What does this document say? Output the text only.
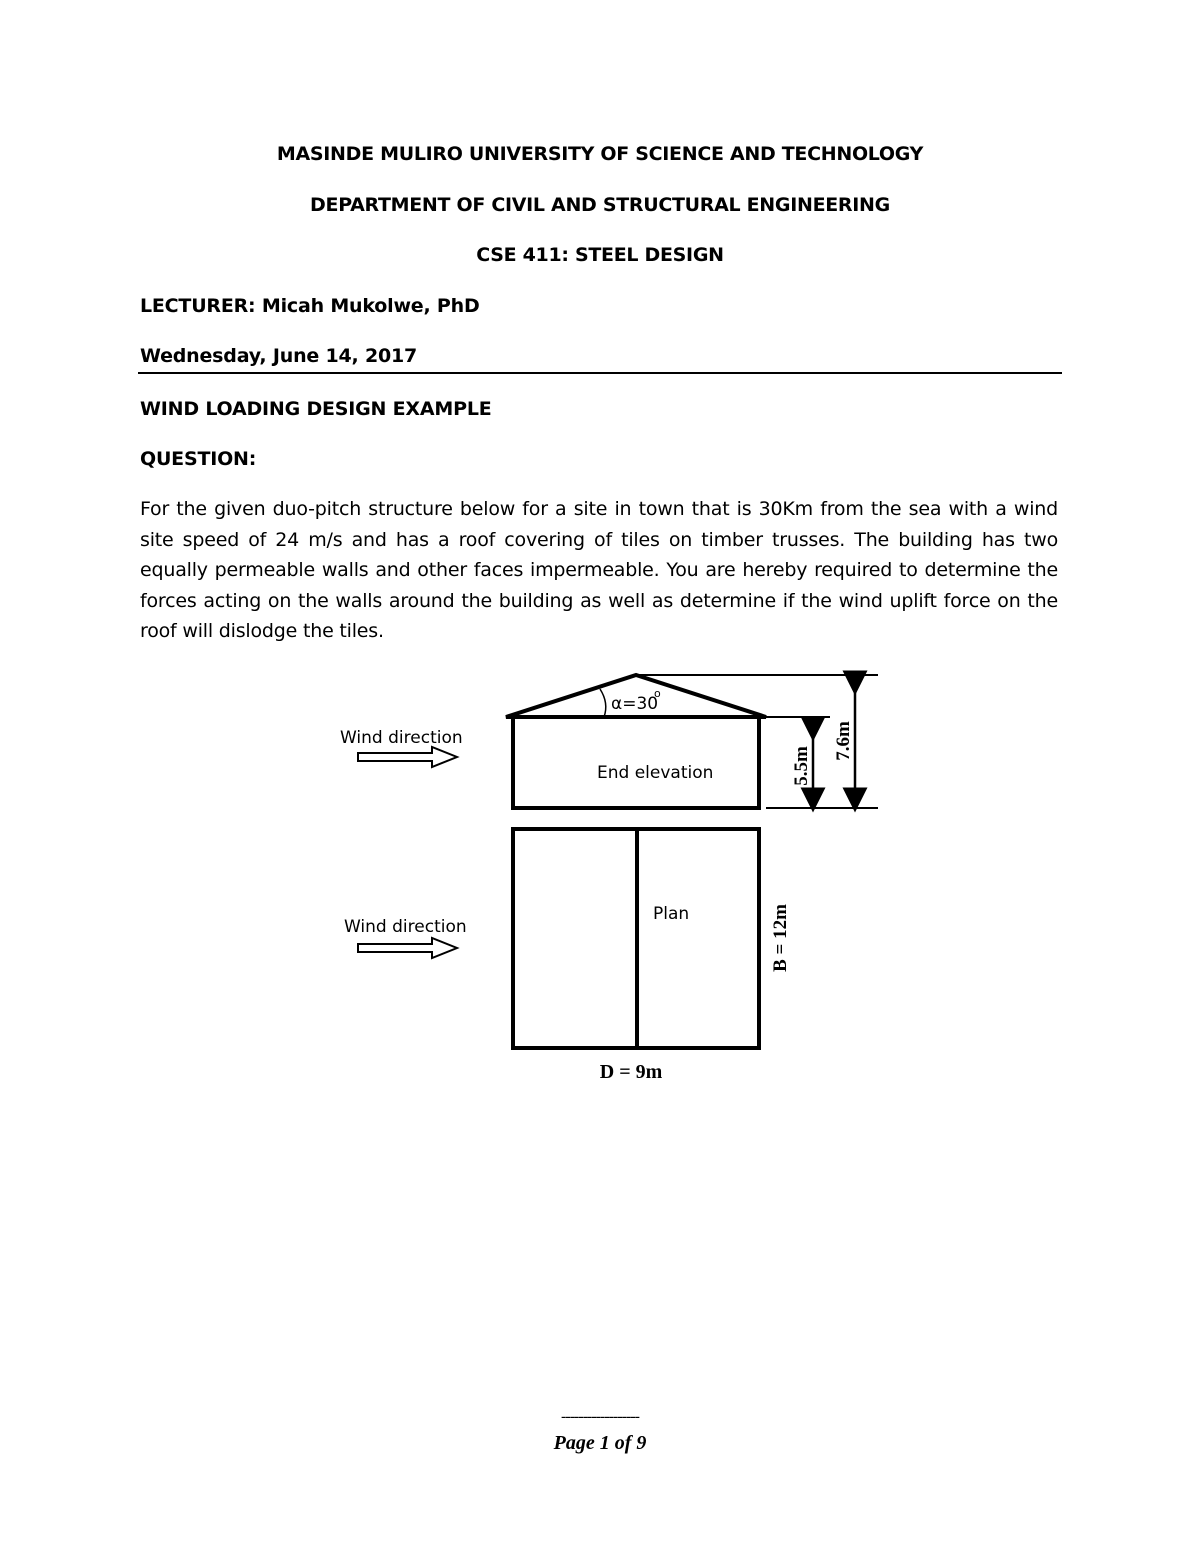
MASINDE MULIRO UNIVERSITY OF SCIENCE AND TECHNOLOGY
DEPARTMENT OF CIVIL AND STRUCTURAL ENGINEERING
CSE 411: STEEL DESIGN
LECTURER: Micah Mukolwe, PhD
Wednesday, June 14, 2017
WIND LOADING DESIGN EXAMPLE
QUESTION:
For the given duo-pitch structure below for a site in town that is 30Km from the sea with a wind site speed of 24 m/s and has a roof covering of tiles on timber trusses. The building has two equally permeable walls and other faces impermeable. You are hereby required to determine the forces acting on the walls around the building as well as determine if the wind uplift force on the roof will dislodge the tiles.
α=30
o
End elevation	5.5m
7.6m
Wind direction
Wind direction
Plan	B = 12m
D = 9m
------------------
Page 1 of 9
